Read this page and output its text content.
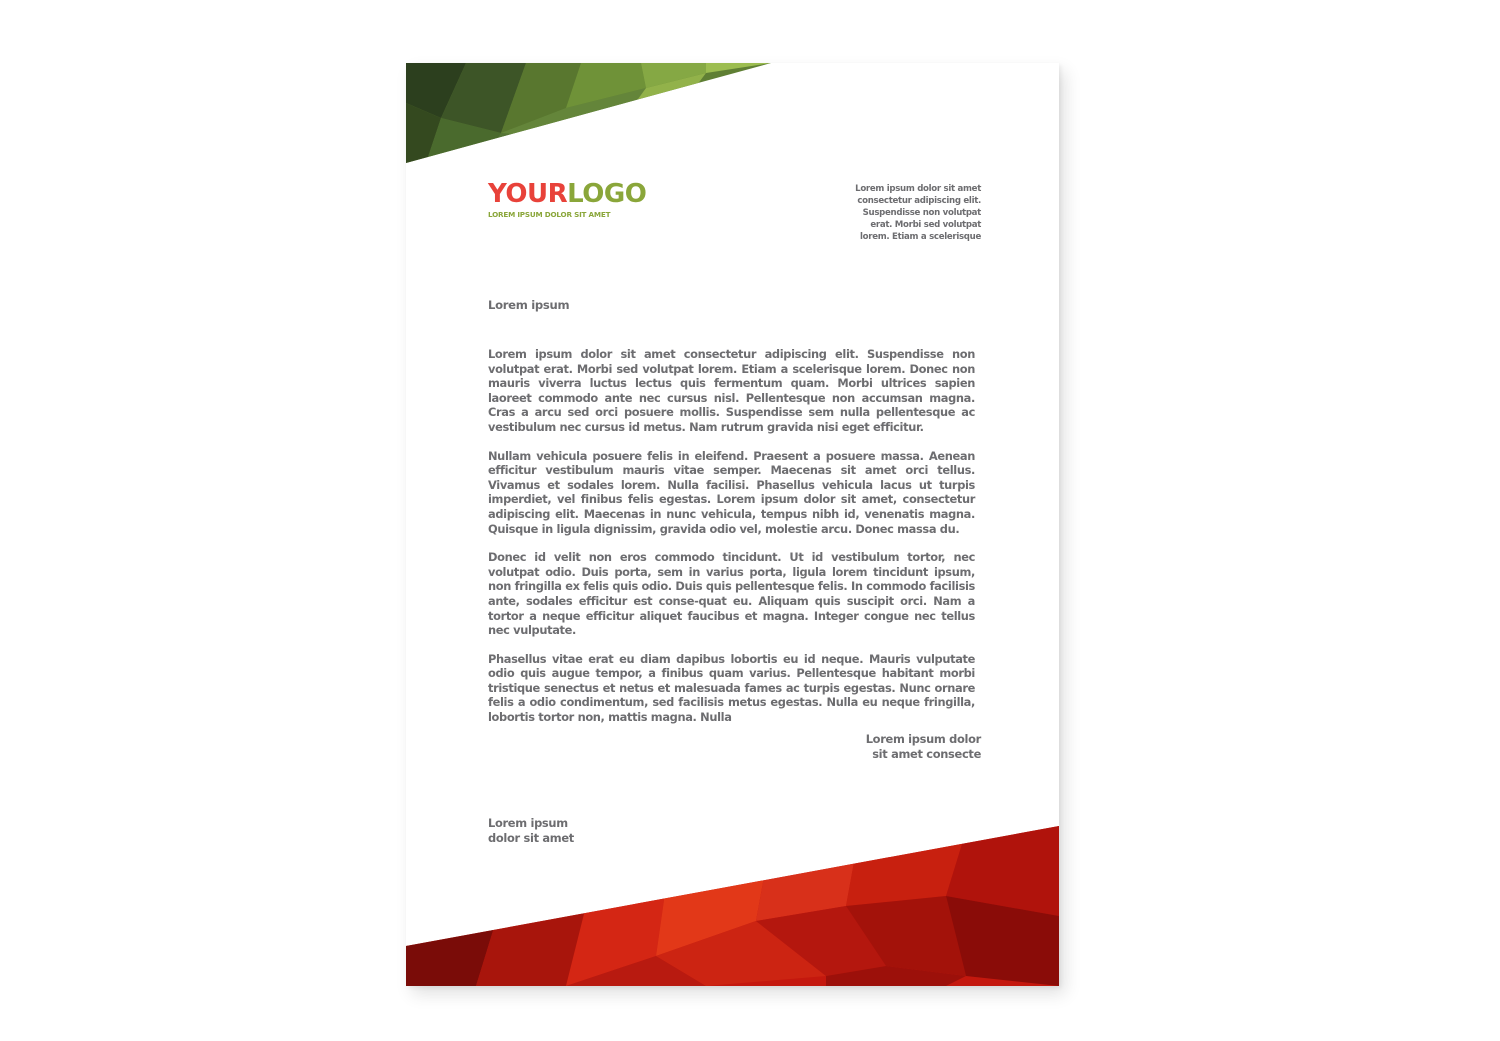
YOURLOGO
LOREM IPSUM DOLOR SIT AMET
Lorem ipsum dolor sit amet
consectetur adipiscing elit.
Suspendisse non volutpat
erat. Morbi sed volutpat
lorem. Etiam a scelerisque
Lorem ipsum

Lorem ipsum dolor sit amet consectetur adipiscing elit. Suspendisse non volutpat erat. Morbi sed volutpat lorem. Etiam a scelerisque lorem. Donec non mauris viverra luctus lectus quis fermentum quam. Morbi ultrices sapien laoreet commodo ante nec cursus nisl. Pellentesque non accumsan magna. Cras a arcu sed orci posuere mollis. Suspendisse sem nulla pellentesque ac vestibulum nec cursus id metus. Nam rutrum gravida nisi eget efficitur.

Nullam vehicula posuere felis in eleifend. Praesent a posuere massa. Aenean efficitur vestibulum mauris vitae semper. Maecenas sit amet orci tellus. Vivamus et sodales lorem. Nulla facilisi. Phasellus vehicula lacus ut turpis imperdiet, vel finibus felis egestas. Lorem ipsum dolor sit amet, consectetur adipiscing elit. Maecenas in nunc vehicula, tempus nibh id, venenatis magna. Quisque in ligula dignissim, gravida odio vel, molestie arcu. Donec massa du.

Donec id velit non eros commodo tincidunt. Ut id vestibulum tortor, nec volutpat odio. Duis porta, sem in varius porta, ligula lorem tincidunt ipsum, non fringilla ex felis quis odio. Duis quis pellentesque felis. In commodo facilisis ante, sodales efficitur est conse-quat eu. Aliquam quis suscipit orci. Nam a tortor a neque efficitur aliquet faucibus et magna. Integer congue nec tellus nec vulputate.

Phasellus vitae erat eu diam dapibus lobortis eu id neque. Mauris vulputate odio quis augue tempor, a finibus quam varius. Pellentesque habitant morbi tristique senectus et netus et malesuada fames ac turpis egestas. Nunc ornare felis a odio condimentum, sed facilisis metus egestas. Nulla eu neque fringilla, lobortis tortor non, mattis magna. Nulla

Lorem ipsum dolor
sit amet consecte
Lorem ipsum
dolor sit amet
